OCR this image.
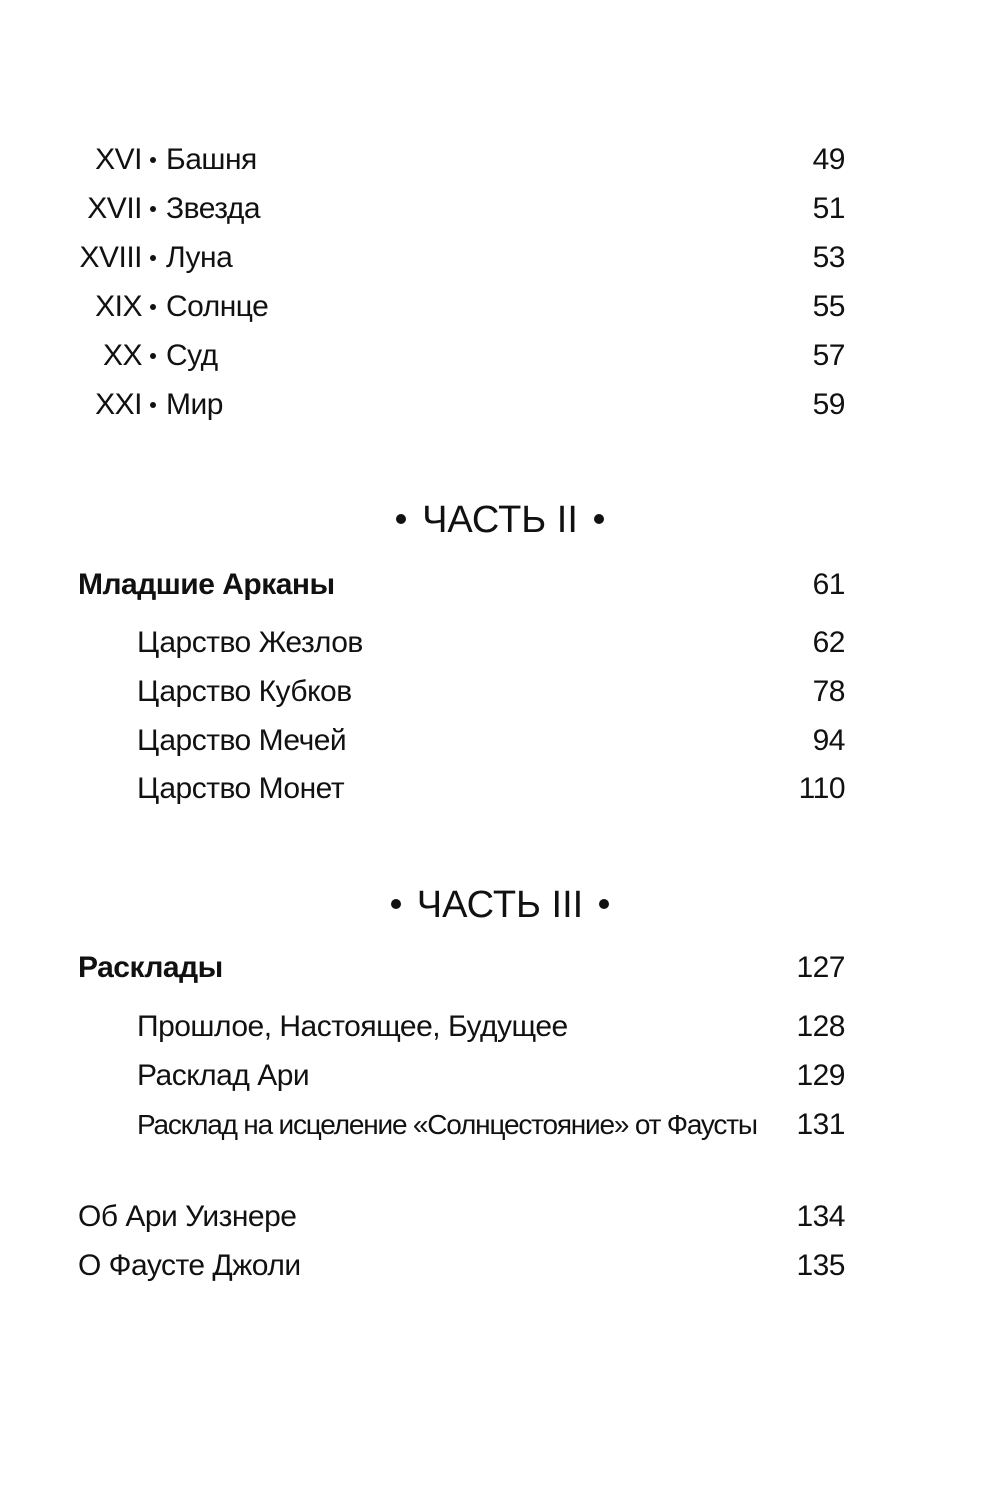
XVI Башня	49
XVII Звезда	51
XVIII Луна	53
XIX Солнце	55
XX Суд	57
XXI Мир	59
ЧАСТЬ II
Младшие Арканы	61
Царство Жезлов	62
Царство Кубков	78
Царство Мечей	94
Царство Монет	110
ЧАСТЬ III
Расклады	127
Прошлое, Настоящее, Будущее	128
Расклад Ари	129
Расклад на исцеление «Солнцестояние» от Фаусты 131
Об Ари Уизнере	134
О Фаусте Джоли	135
